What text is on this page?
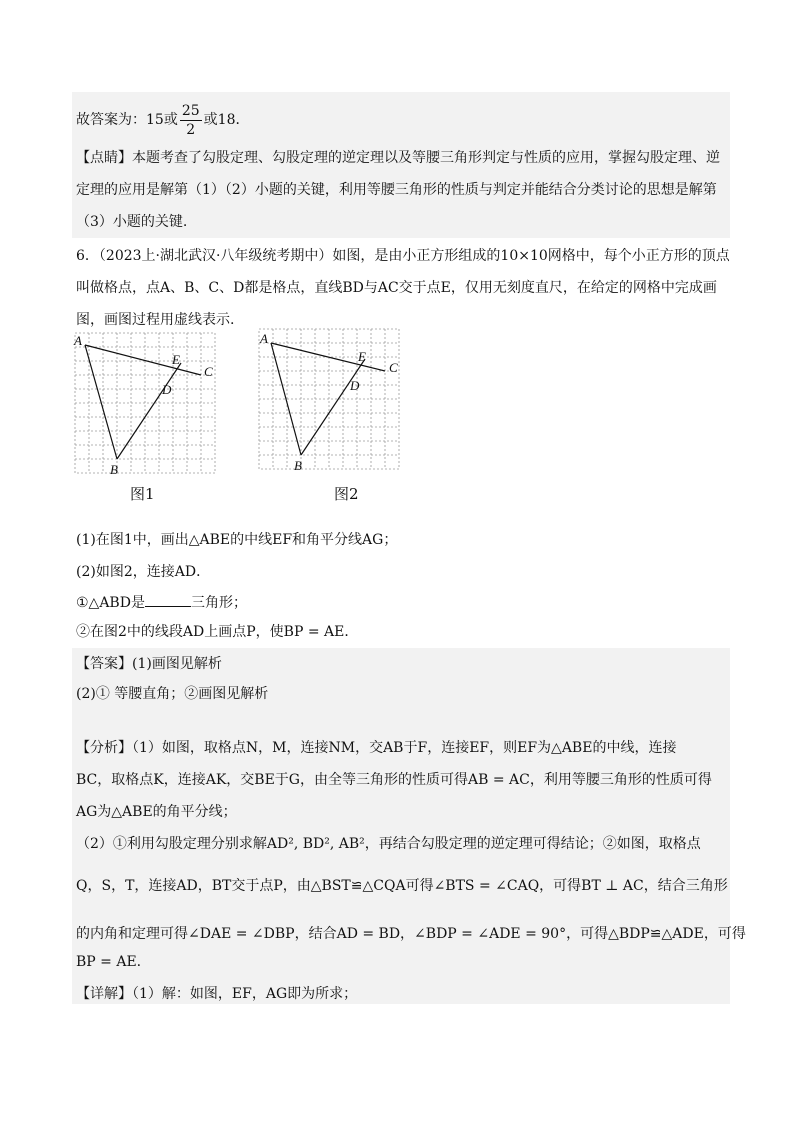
故答案为：15或 $\frac{25}{2}$ 或18．
【点睛】本题考查了勾股定理、勾股定理的逆定理以及等腰三角形判定与性质的应用，掌握勾股定理、逆
定理的应用是解第（1）（2）小题的关键，利用等腰三角形的性质与判定并能结合分类讨论的思想是解第
（3）小题的关键.
6．（2023上·湖北武汉·八年级统考期中）如图，是由小正方形组成的10×10网格中，每个小正方形的顶点
叫做格点，点A、B、C、D都是格点，直线BD与AC交于点E，仅用无刻度直尺，在给定的网格中完成画
图，画图过程用虚线表示.
A
B
C
D
E
A
B
C
D
E
图1	图2
(1)在图1中，画出△ABE的中线EF和角平分线AG；
(2)如图2，连接AD．
①△ABD是	三角形；
②在图2中的线段AD上画点P，使BP = AE．
【答案】(1)画图见解析
(2)① 等腰直角；②画图见解析
【分析】（1）如图，取格点N，M，连接NM，交AB于F，连接EF，则EF为△ABE的中线，连接
BC，取格点K，连接AK，交BE于G，由全等三角形的性质可得AB = AC，利用等腰三角形的性质可得
AG为△ABE的角平分线；
（2）①利用勾股定理分别求解AD², BD², AB²，再结合勾股定理的逆定理可得结论；②如图，取格点
Q，S，T，连接AD，BT交于点P，由△BST≌△CQA可得∠BTS = ∠CAQ，可得BT ⊥ AC，结合三角形
的内角和定理可得∠DAE = ∠DBP，结合AD = BD，∠BDP = ∠ADE = 90°，可得△BDP≌△ADE，可得
BP = AE.
【详解】（1）解：如图，EF，AG即为所求；
